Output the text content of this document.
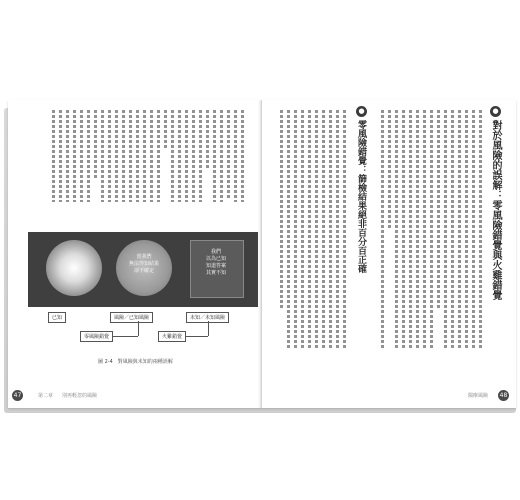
當我們
無法得知結果
卻不確定
我們
以為已知
知道答案
其實不知
已知	風險／已知風險	未知／未知風險
零風險錯覺	火雞錯覺
圖 2-4　對風險與未知的兩種誤解
47	第二章 別再輕忽的風險
●
對於風險的誤解：零風險錯覺與火雞錯覺
●
零風險錯覺：篩檢結果絕非百分百正確
醫療風險 48
